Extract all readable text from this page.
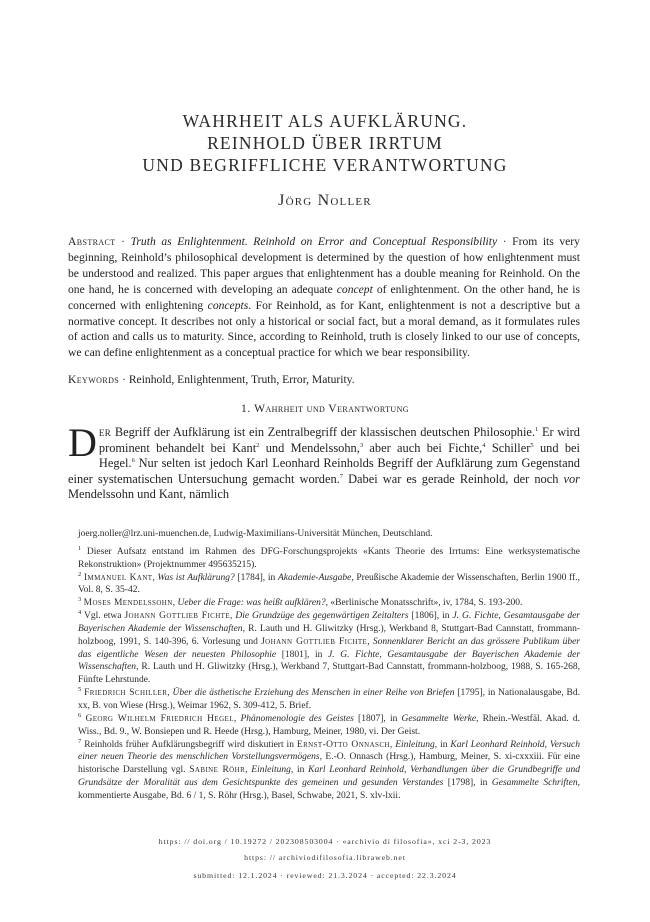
WAHRHEIT ALS AUFKLÄRUNG.
REINHOLD ÜBER IRRTUM
UND BEGRIFFLICHE VERANTWORTUNG
Jörg Noller
Abstract · Truth as Enlightenment. Reinhold on Error and Conceptual Responsibility · From its very beginning, Reinhold’s philosophical development is determined by the question of how enlightenment must be understood and realized. This paper argues that enlightenment has a double meaning for Reinhold. On the one hand, he is concerned with developing an adequate concept of enlightenment. On the other hand, he is concerned with enlightening concepts. For Reinhold, as for Kant, enlightenment is not a descriptive but a normative concept. It describes not only a historical or social fact, but a moral demand, as it formulates rules of action and calls us to maturity. Since, according to Reinhold, truth is closely linked to our use of concepts, we can define enlightenment as a conceptual practice for which we bear responsibility.
Keywords · Reinhold, Enlightenment, Truth, Error, Maturity.
1. Wahrheit und Verantwortung
Der Begriff der Aufklärung ist ein Zentralbegriff der klassischen deutschen Philosophie.$^1$ Er wird prominent behandelt bei Kant$^2$ und Mendelssohn,$^3$ aber auch bei Fichte,$^4$ Schiller$^5$ und bei Hegel.$^6$ Nur selten ist jedoch Karl Leonhard Reinholds Begriff der Aufklärung zum Gegenstand einer systematischen Untersuchung gemacht worden.$^7$ Dabei war es gerade Reinhold, der noch vor Mendelssohn und Kant, nämlich
joerg.noller@lrz.uni-muenchen.de, Ludwig-Maximilians-Universität München, Deutschland.

$^1$ Dieser Aufsatz entstand im Rahmen des DFG-Forschungsprojekts «Kants Theorie des Irrtums: Eine werksystematische Rekonstruktion» (Projektnummer 495635215).

$^2$ Immanuel Kant, Was ist Aufklärung? [1784], in Akademie-Ausgabe, Preußische Akademie der Wissenschaften, Berlin 1900 ff., Vol. 8, S. 35-42.

$^3$ Moses Mendelssohn, Ueber die Frage: was heißt aufklären?, «Berlinische Monatsschrift», iv, 1784, S. 193-200.

$^4$ Vgl. etwa Johann Gottlieb Fichte, Die Grundzüge des gegenwärtigen Zeitalters [1806], in J. G. Fichte, Gesamtausgabe der Bayerischen Akademie der Wissenschaften, R. Lauth und H. Gliwitzky (Hrsg.), Werkband 8, Stuttgart-Bad Cannstatt, frommann-holzboog, 1991, S. 140-396, 6. Vorlesung und Johann Gottlieb Fichte, Sonnenklarer Bericht an das grössere Publikum über das eigentliche Wesen der neuesten Philosophie [1801], in J. G. Fichte, Gesamtausgabe der Bayerischen Akademie der Wissenschaften, R. Lauth und H. Gliwitzky (Hrsg.), Werkband 7, Stuttgart-Bad Cannstatt, frommann-holzboog, 1988, S. 165-268, Fünfte Lehrstunde.

$^5$ Friedrich Schiller, Über die ästhetische Erziehung des Menschen in einer Reihe von Briefen [1795], in Nationalausgabe, Bd. xx, B. von Wiese (Hrsg.), Weimar 1962, S. 309-412, 5. Brief.

$^6$ Georg Wilhelm Friedrich Hegel, Phänomenologie des Geistes [1807], in Gesammelte Werke, Rhein.-Westfäl. Akad. d. Wiss., Bd. 9., W. Bonsiepen und R. Heede (Hrsg.), Hamburg, Meiner, 1980, vi. Der Geist.

$^7$ Reinholds früher Aufklärungsbegriff wird diskutiert in Ernst-Otto Onnasch, Einleitung, in Karl Leonhard Reinhold, Versuch einer neuen Theorie des menschlichen Vorstellungsvermögens, E.-O. Onnasch (Hrsg.), Hamburg, Meiner, S. xi-cxxxiii. Für eine historische Darstellung vgl. Sabine Röhr, Einleitung, in Karl Leonhard Reinhold, Verhandlungen über die Grundbegriffe und Grundsätze der Moralität aus dem Gesichtspunkte des gemeinen und gesunden Verstandes [1798], in Gesammelte Schriften, kommentierte Ausgabe, Bd. 6 / 1, S. Röhr (Hrsg.), Basel, Schwabe, 2021, S. xlv-lxii.

https: // doi.org / 10.19272 / 202308503004 · «archivio di filosofia», xci 2-3, 2023
https: // archiviodifilosofia.libraweb.net
submitted: 12.1.2024 · reviewed: 21.3.2024 · accepted: 22.3.2024
